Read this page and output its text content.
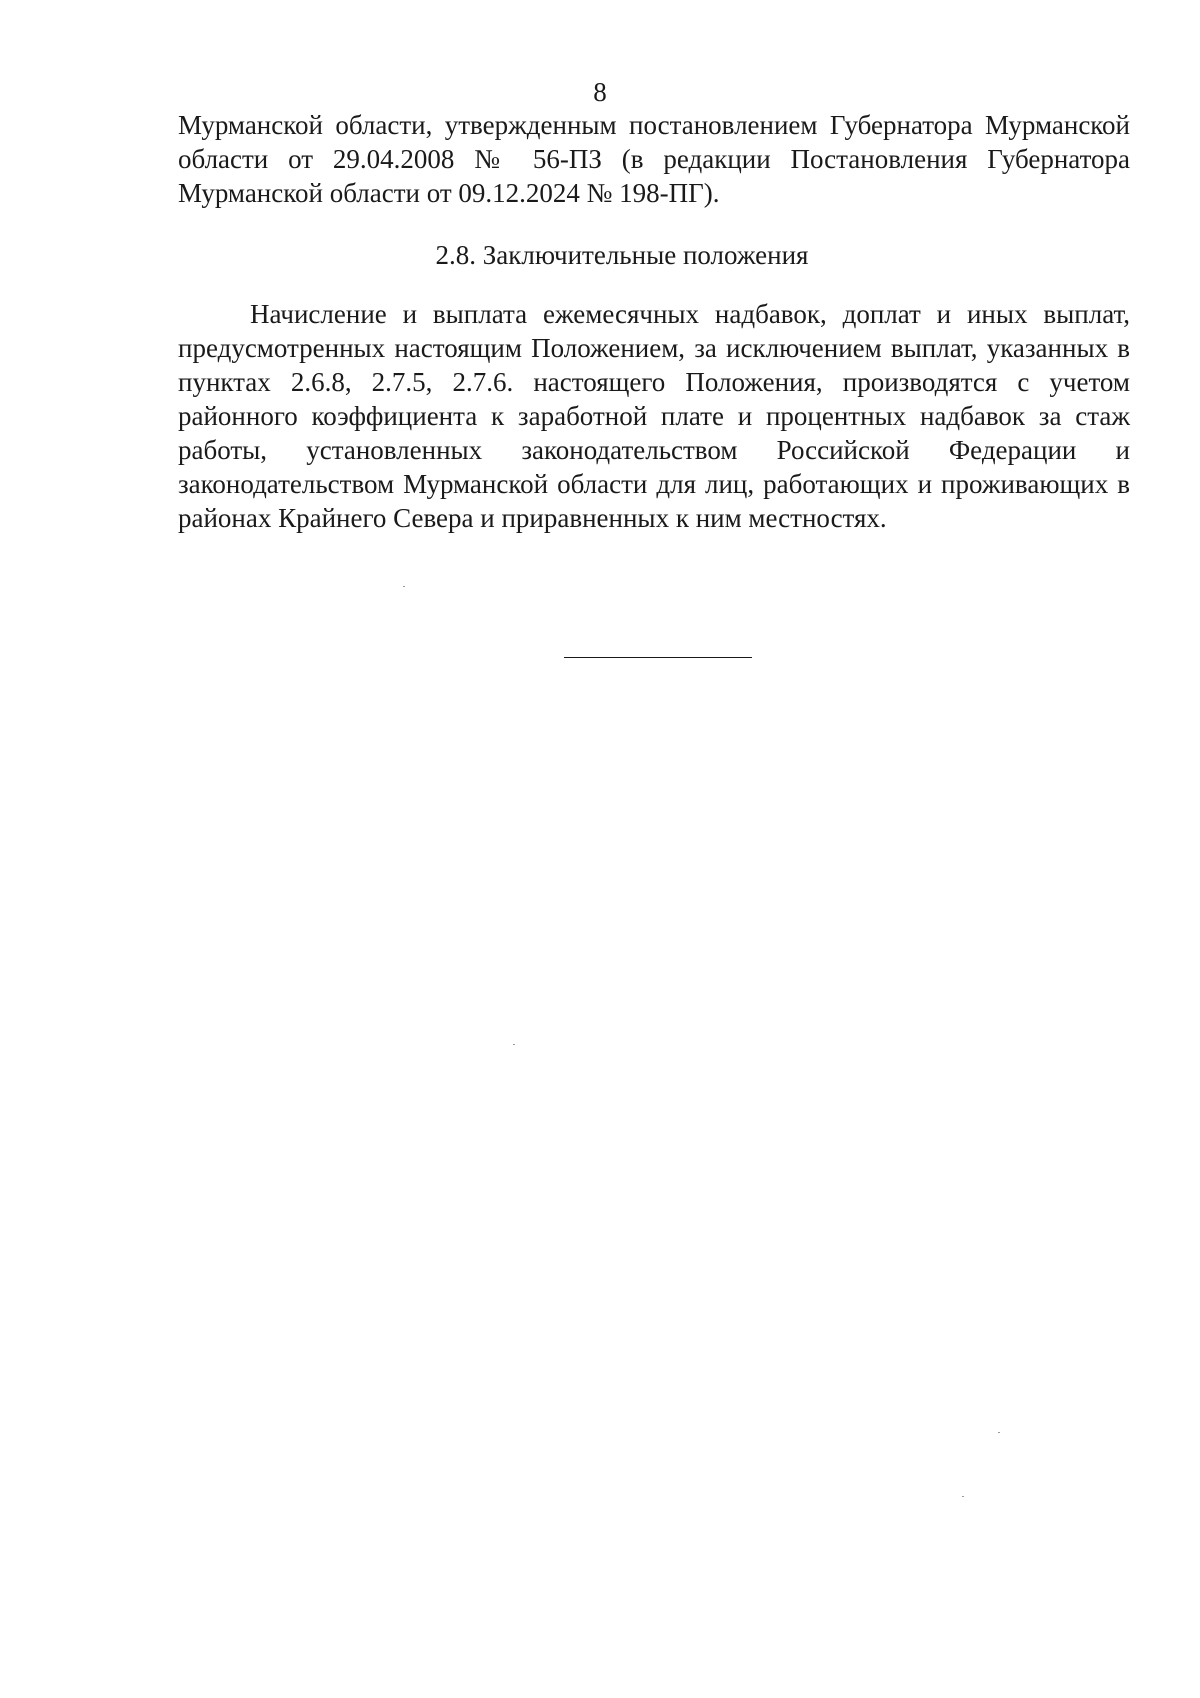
8

Мурманской области, утвержденным постановлением Губернатора Мурманской области от 29.04.2008 № 56-ПЗ (в редакции Постановления Губернатора Мурманской области от 09.12.2024 № 198-ПГ).

2.8. Заключительные положения

Начисление и выплата ежемесячных надбавок, доплат и иных выплат, предусмотренных настоящим Положением, за исключением выплат, указанных в пунктах 2.6.8, 2.7.5, 2.7.6. настоящего Положения, производятся с учетом районного коэффициента к заработной плате и процентных надбавок за стаж работы, установленных законодательством Российской Федерации и законодательством Мурманской области для лиц, работающих и проживающих в районах Крайнего Севера и приравненных к ним местностях.
